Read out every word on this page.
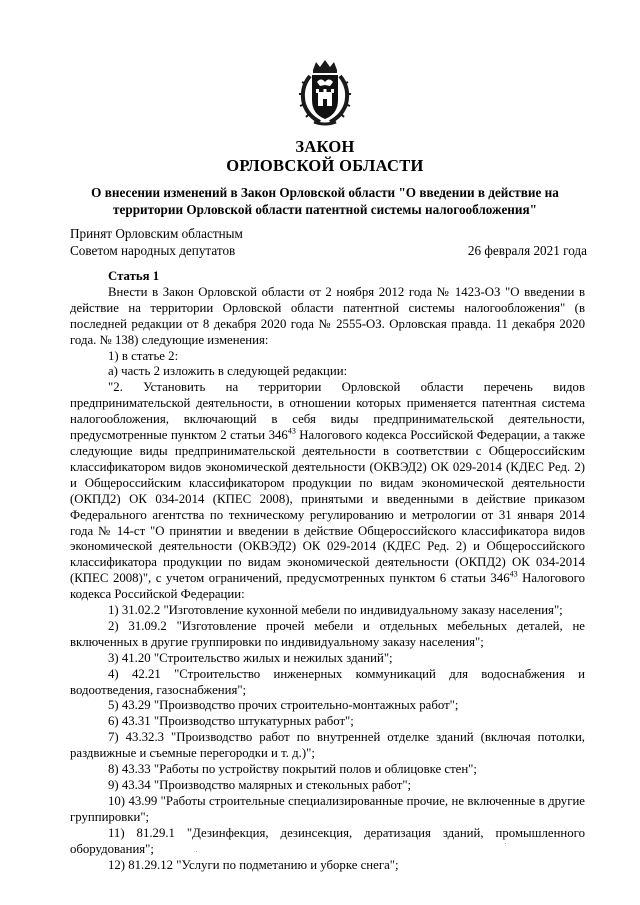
ЗАКОН
ОРЛОВСКОЙ ОБЛАСТИ
О внесении изменений в Закон Орловской области "О введении в действие на территории Орловской области патентной системы налогообложения"
Принят Орловским областным
Советом народных депутатов	26 февраля 2021 года

Статья 1

Внести в Закон Орловской области от 2 ноября 2012 года № 1423-ОЗ "О введении в действие на территории Орловской области патентной системы налогообложения" (в последней редакции от 8 декабря 2020 года № 2555-ОЗ. Орловская правда. 11 декабря 2020 года. № 138) следующие изменения:

1) в статье 2:

а) часть 2 изложить в следующей редакции:

"2. Установить на территории Орловской области перечень видов предпринимательской деятельности, в отношении которых применяется патентная система налогообложения, включающий в себя виды предпринимательской деятельности, предусмотренные пунктом 2 статьи $346^{43}$ Налогового кодекса Российской Федерации, а также следующие виды предпринимательской деятельности в соответствии с Общероссийским классификатором видов экономической деятельности (ОКВЭД2) ОК 029-2014 (КДЕС Ред. 2) и Общероссийским классификатором продукции по видам экономической деятельности (ОКПД2) ОК 034-2014 (КПЕС 2008), принятыми и введенными в действие приказом Федерального агентства по техническому регулированию и метрологии от 31 января 2014 года № 14-ст "О принятии и введении в действие Общероссийского классификатора видов экономической деятельности (ОКВЭД2) ОК 029-2014 (КДЕС Ред. 2) и Общероссийского классификатора продукции по видам экономической деятельности (ОКПД2) ОК 034-2014 (КПЕС 2008)", с учетом ограничений, предусмотренных пунктом 6 статьи $346^{43}$ Налогового кодекса Российской Федерации:

1) 31.02.2 "Изготовление кухонной мебели по индивидуальному заказу населения";

2) 31.09.2 "Изготовление прочей мебели и отдельных мебельных деталей, не включенных в другие группировки по индивидуальному заказу населения";

3) 41.20 "Строительство жилых и нежилых зданий";

4) 42.21 "Строительство инженерных коммуникаций для водоснабжения и водоотведения, газоснабжения";

5) 43.29 "Производство прочих строительно-монтажных работ";

6) 43.31 "Производство штукатурных работ";

7) 43.32.3 "Производство работ по внутренней отделке зданий (включая потолки, раздвижные и съемные перегородки и т. д.)";

8) 43.33 "Работы по устройству покрытий полов и облицовке стен";

9) 43.34 "Производство малярных и стекольных работ";

10) 43.99 "Работы строительные специализированные прочие, не включенные в другие группировки";

11) 81.29.1 "Дезинфекция, дезинсекция, дератизация зданий, промышленного оборудования";

12) 81.29.12 "Услуги по подметанию и уборке снега";
